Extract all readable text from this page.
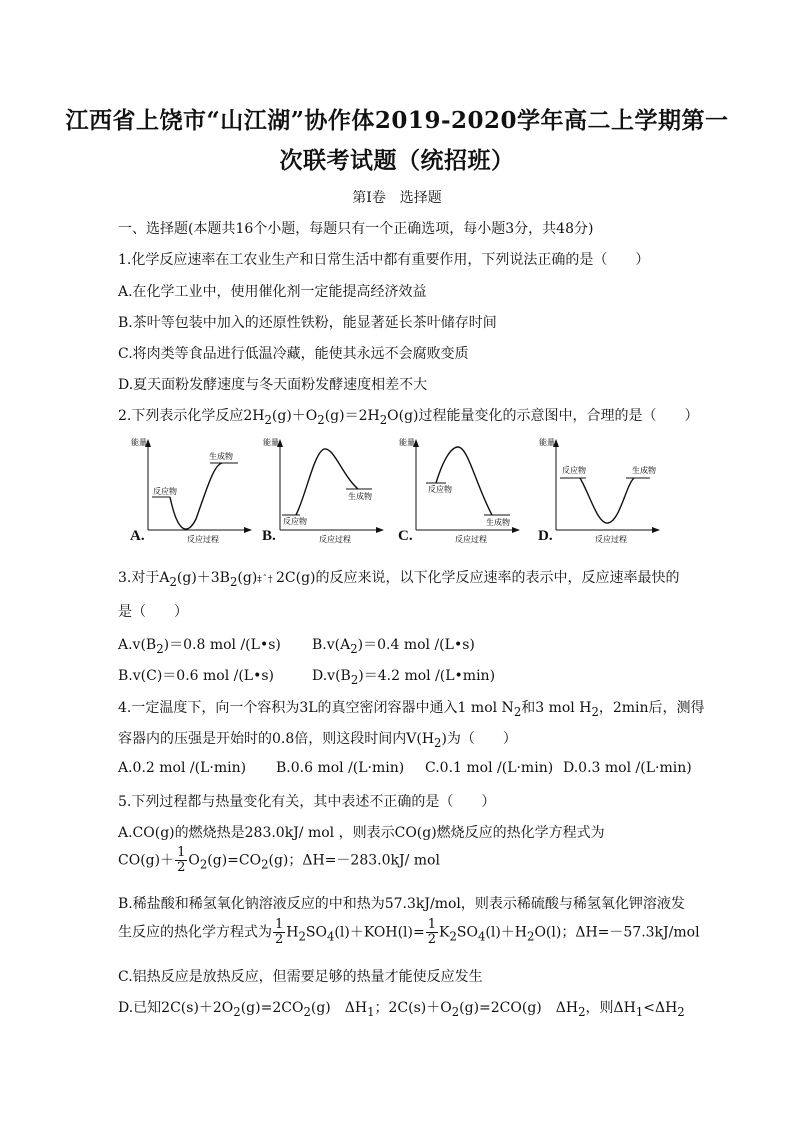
江西省上饶市“山江湖”协作体2019-2020学年高二上学期第一
次联考试题（统招班）
第Ⅰ卷　选择题
一、选择题(本题共16个小题，每题只有一个正确选项，每小题3分，共48分)
1.化学反应速率在工农业生产和日常生活中都有重要作用，下列说法正确的是（　　）
A.在化学工业中，使用催化剂一定能提高经济效益
B.茶叶等包装中加入的还原性铁粉，能显著延长茶叶储存时间
C.将肉类等食品进行低温冷藏，能使其永远不会腐败变质
D.夏天面粉发酵速度与冬天面粉发酵速度相差不大
2.下列表示化学反应$2H_2(g)+O_2(g)=2H_2O(g)$过程能量变化的示意图中，合理的是（　　）
能量
反应过程
反应物
生成物
A.
能量
反应过程
反应物
生成物
B.
能量
反应过程
反应物
生成物
C.
能量
反应过程
反应物	生成物
D.
3.对于$A_2(g)+3B_2(g)\ddagger$ ˆ † 2C(g)的反应来说，以下化学反应速率的表示中，反应速率最快的
是（　　）
$A.v(B_2)=0.8$ mol /(L•s) $B.v(A_2)=0.4$ mol /(L•s)
B.v(C)＝0.6 mol /(L•s)	$D.v(B_2)=4.2$ mol /(L•min)
4.一定温度下，向一个容积为3L的真空密闭容器中通入1 mol $N_2$和3 mol $H_2$，2min后，测得
容器内的压强是开始时的0.8倍，则这段时间内$V(H_2)$为（　　）
A.0.2 mol /(L·min) B.0.6 mol /(L·min) C.0.1 mol /(L·min) D.0.3 mol /(L·min)
5.下列过程都与热量变化有关，其中表述不正确的是（　　）
A.CO(g)的燃烧热是283.0kJ/ mol ，则表示CO(g)燃烧反应的热化学方程式为
$CO(g)+ \frac{1}{2} O_2(g)=CO_2(g)$；ΔH=－283.0kJ/ mol
B.稀盐酸和稀氢氧化钠溶液反应的中和热为57.3kJ/mol，则表示稀硫酸与稀氢氧化钾溶液发
生反应的热化学方程式为 $\frac{1}{2} H_2SO_4(l)+KOH(l)= \frac{1}{2} K_2SO_4(l)+H_2O(l)$；ΔH=－57.3kJ/mol
C.铝热反应是放热反应，但需要足够的热量才能使反应发生
D.已知$2C(s)+2O_2(g)=2CO_2(g)$　$\Delta H_1$；$2C(s)+O_2(g)=2CO(g)$　$\Delta H_2$，则$\Delta H_1<\Delta H_2$
